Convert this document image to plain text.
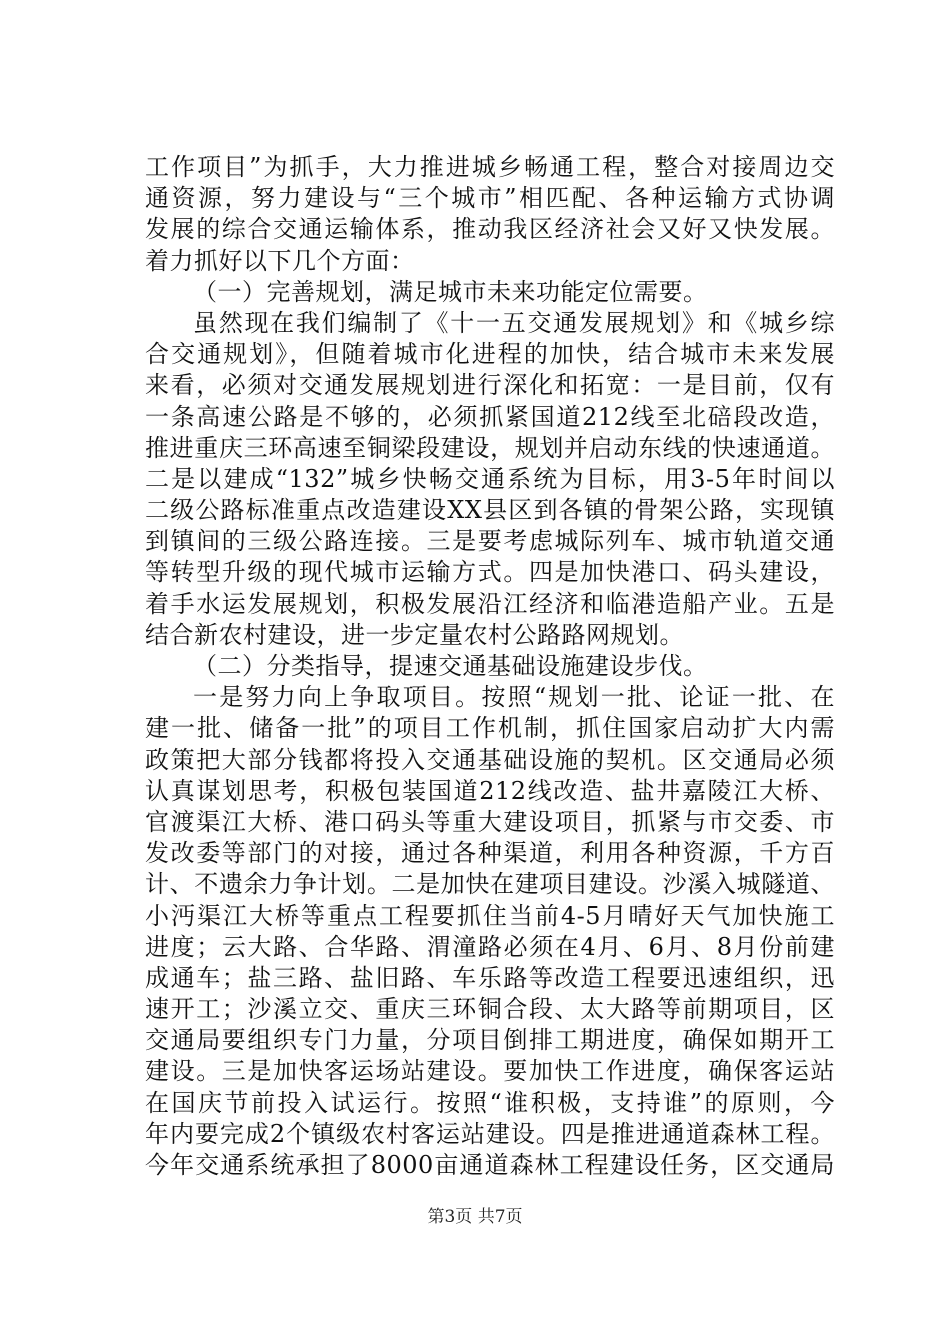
工作项目”为抓手，大力推进城乡畅通工程，整合对接周边交
通资源，努力建设与“三个城市”相匹配、各种运输方式协调
发展的综合交通运输体系，推动我区经济社会又好又快发展。
着力抓好以下几个方面：
（一）完善规划，满足城市未来功能定位需要。
虽然现在我们编制了《十一五交通发展规划》和《城乡综
合交通规划》，但随着城市化进程的加快，结合城市未来发展
来看，必须对交通发展规划进行深化和拓宽：一是目前，仅有
一条高速公路是不够的，必须抓紧国道212线至北碚段改造，
推进重庆三环高速至铜梁段建设，规划并启动东线的快速通道。
二是以建成“132”城乡快畅交通系统为目标，用3-5年时间以
二级公路标准重点改造建设XX县区到各镇的骨架公路，实现镇
到镇间的三级公路连接。三是要考虑城际列车、城市轨道交通
等转型升级的现代城市运输方式。四是加快港口、码头建设，
着手水运发展规划，积极发展沿江经济和临港造船产业。五是
结合新农村建设，进一步定量农村公路路网规划。
（二）分类指导，提速交通基础设施建设步伐。
一是努力向上争取项目。按照“规划一批、论证一批、在
建一批、储备一批”的项目工作机制，抓住国家启动扩大内需
政策把大部分钱都将投入交通基础设施的契机。区交通局必须
认真谋划思考，积极包装国道212线改造、盐井嘉陵江大桥、
官渡渠江大桥、港口码头等重大建设项目，抓紧与市交委、市
发改委等部门的对接，通过各种渠道，利用各种资源，千方百
计、不遗余力争计划。二是加快在建项目建设。沙溪入城隧道、
小沔渠江大桥等重点工程要抓住当前4-5月晴好天气加快施工
进度；云大路、合华路、渭潼路必须在4月、6月、8月份前建
成通车；盐三路、盐旧路、车乐路等改造工程要迅速组织，迅
速开工；沙溪立交、重庆三环铜合段、太大路等前期项目，区
交通局要组织专门力量，分项目倒排工期进度，确保如期开工
建设。三是加快客运场站建设。要加快工作进度，确保客运站
在国庆节前投入试运行。按照“谁积极，支持谁”的原则，今
年内要完成2个镇级农村客运站建设。四是推进通道森林工程。
今年交通系统承担了8000亩通道森林工程建设任务，区交通局
第3页 共7页
